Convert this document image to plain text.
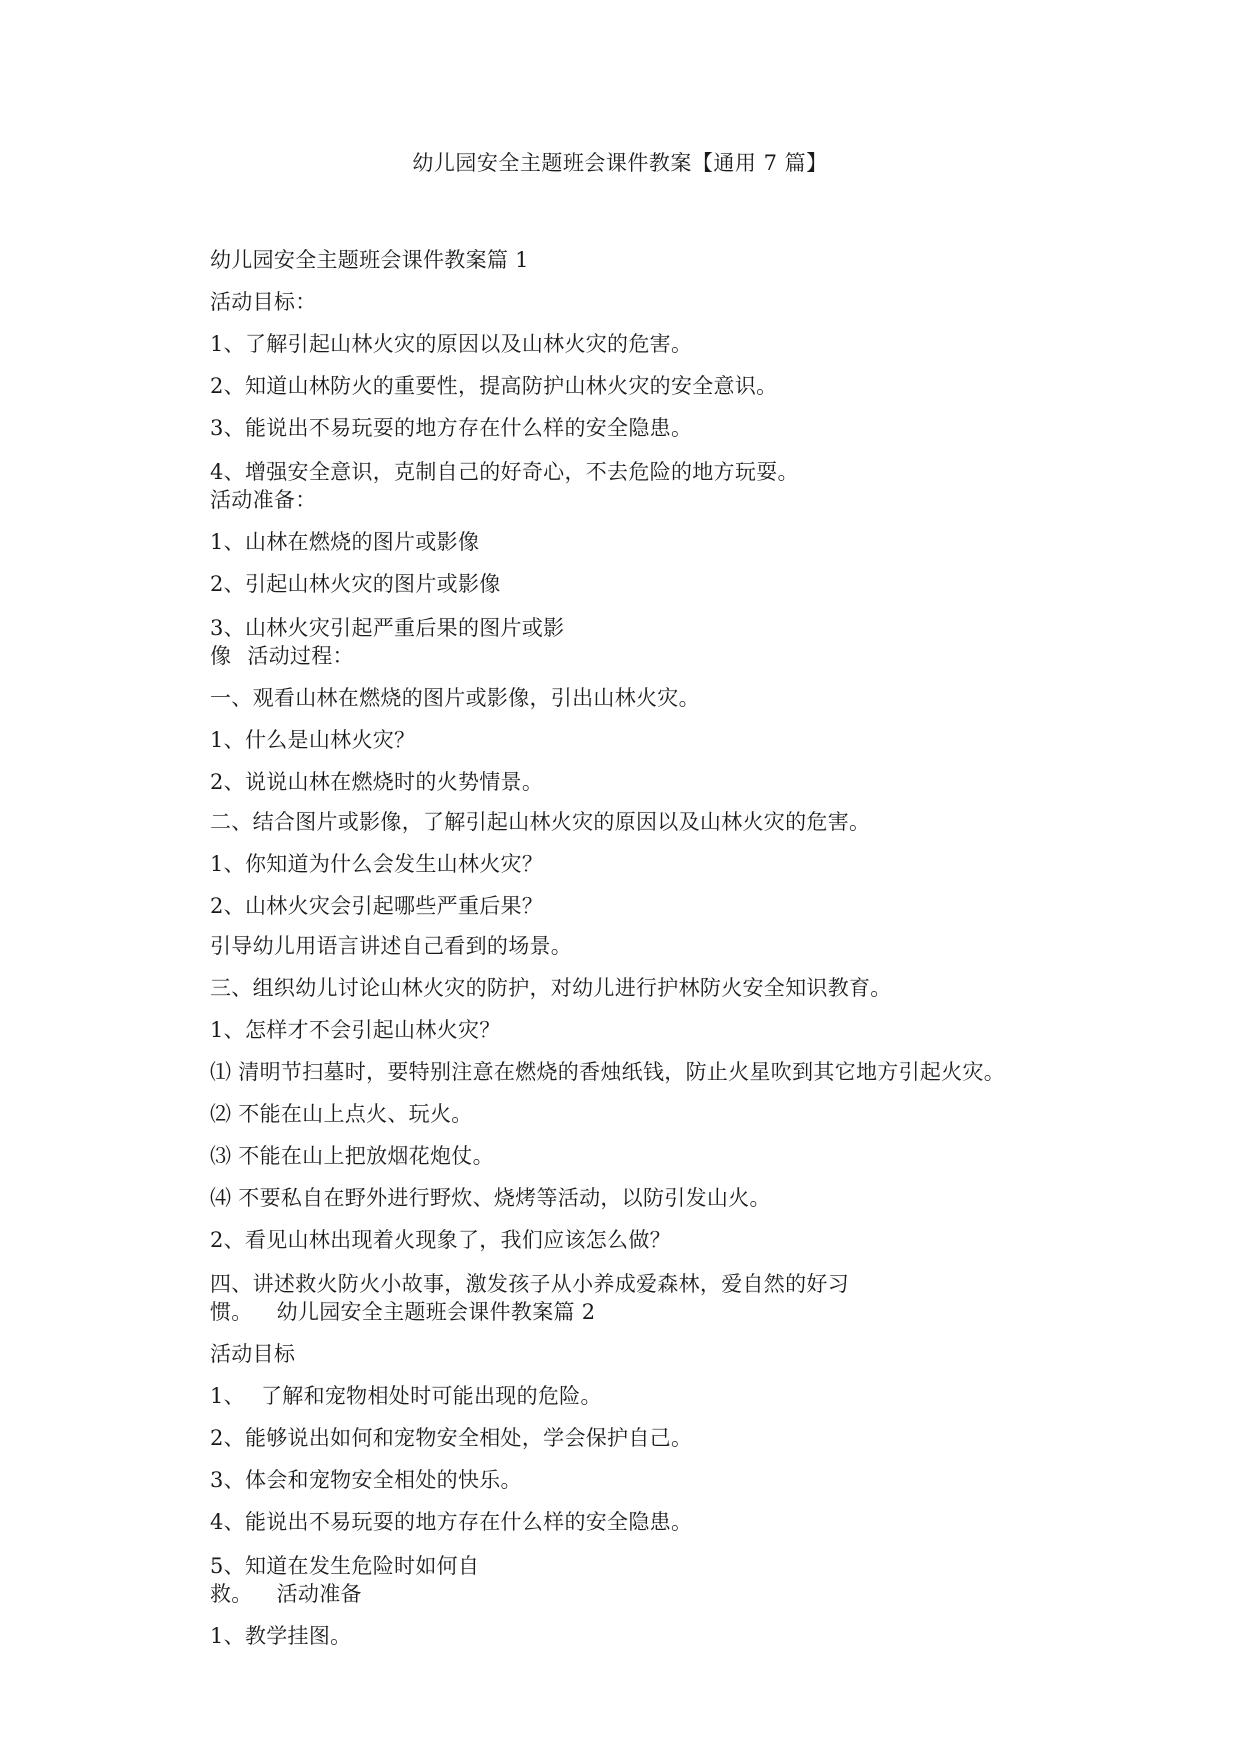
幼儿园安全主题班会课件教案【通用 7 篇】
幼儿园安全主题班会课件教案篇 1
活动目标：
1、了解引起山林火灾的原因以及山林火灾的危害。
2、知道山林防火的重要性，提高防护山林火灾的安全意识。
3、能说出不易玩耍的地方存在什么样的安全隐患。
4、增强安全意识，克制自己的好奇心，不去危险的地方玩耍。
活动准备：
1、山林在燃烧的图片或影像
2、引起山林火灾的图片或影像
3、山林火灾引起严重后果的图片或影
像 活动过程：
一、观看山林在燃烧的图片或影像，引出山林火灾。
1、什么是山林火灾？
2、说说山林在燃烧时的火势情景。
二、结合图片或影像，了解引起山林火灾的原因以及山林火灾的危害。
1、你知道为什么会发生山林火灾？
2、山林火灾会引起哪些严重后果？
引导幼儿用语言讲述自己看到的场景。
三、组织幼儿讨论山林火灾的防护，对幼儿进行护林防火安全知识教育。
1、怎样才不会引起山林火灾？
⑴ 清明节扫墓时，要特别注意在燃烧的香烛纸钱，防止火星吹到其它地方引起火灾。
⑵ 不能在山上点火、玩火。
⑶ 不能在山上把放烟花炮仗。
⑷ 不要私自在野外进行野炊、烧烤等活动，以防引发山火。
2、看见山林出现着火现象了，我们应该怎么做？
四、讲述救火防火小故事，激发孩子从小养成爱森林，爱自然的好习
惯。 幼儿园安全主题班会课件教案篇 2
活动目标
1、 了解和宠物相处时可能出现的危险。
2、能够说出如何和宠物安全相处，学会保护自己。
3、体会和宠物安全相处的快乐。
4、能说出不易玩耍的地方存在什么样的安全隐患。
5、知道在发生危险时如何自
救。 活动准备
1、教学挂图。
